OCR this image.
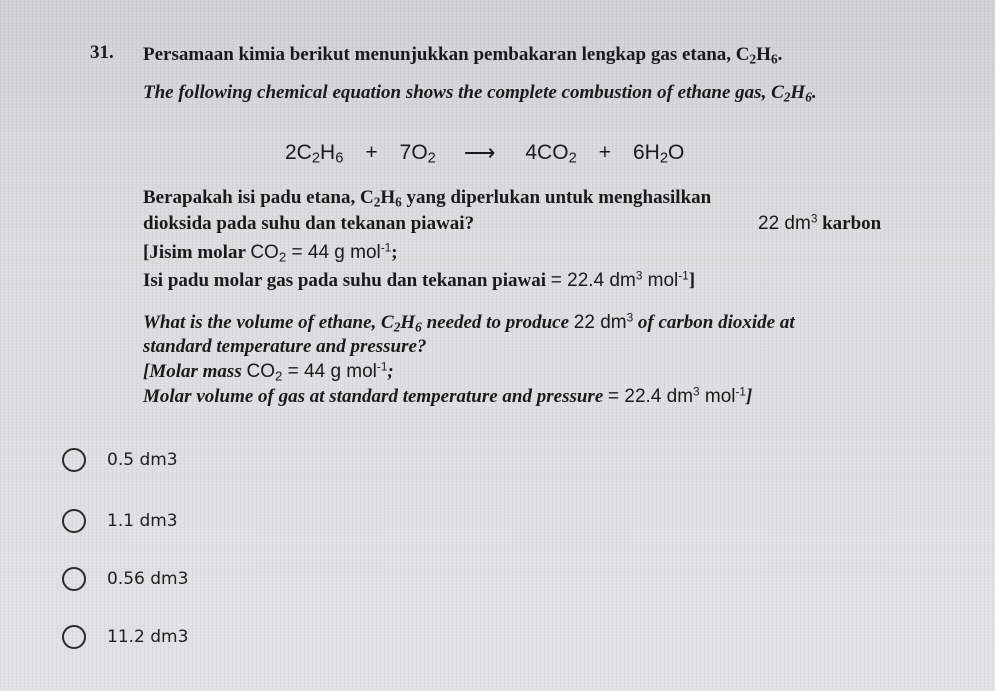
31. Persamaan kimia berikut menunjukkan pembakaran lengkap gas etana, $C_2H_6$.
The following chemical equation shows the complete combustion of ethane gas, $C_2H_6$.
$2C_2H_6 + 7O_2$ ⟶ $4CO_2 + 6H_2O$
Berapakah isi padu etana, $C_2H_6$ yang diperlukan untuk menghasilkan
22 $dm^3$ karbon
dioksida pada suhu dan tekanan piawai?
[Jisim molar $CO_2 = 44$ g mol$^{-1}$;
Isi padu molar gas pada suhu dan tekanan piawai = 22.4 $dm^3$ mol$^{-1}$]
What is the volume of ethane, $C_2H_6$ needed to produce 22 $dm^3$ of carbon dioxide at
standard temperature and pressure?
[Molar mass $CO_2 = 44$ g mol$^{-1}$;
Molar volume of gas at standard temperature and pressure = 22.4 $dm^3$ mol$^{-1}$]
0.5 dm3
1.1 dm3
0.56 dm3
11.2 dm3
